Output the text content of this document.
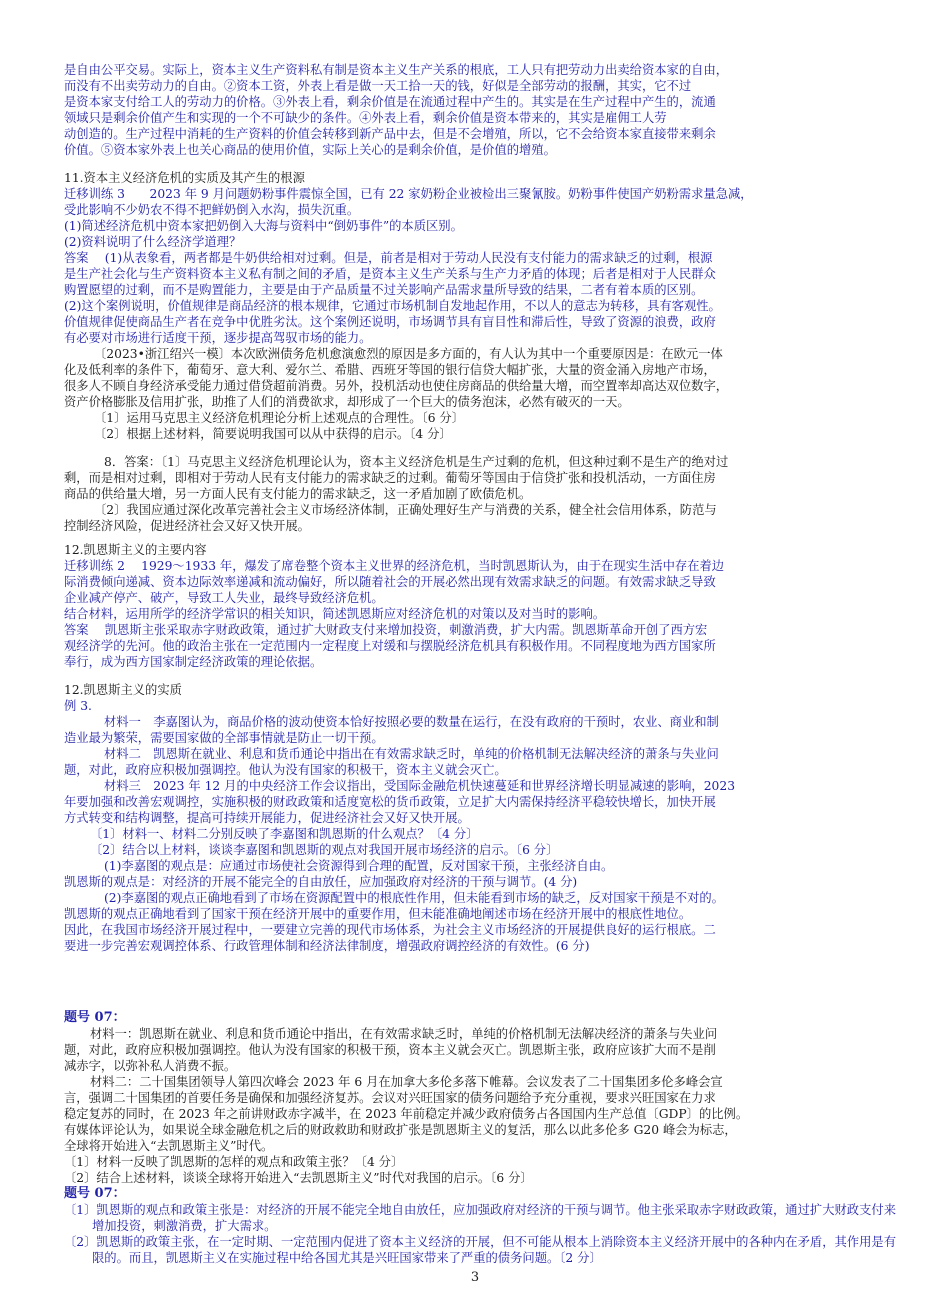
是自由公平交易。实际上，资本主义生产资料私有制是资本主义生产关系的根底，工人只有把劳动力出卖给资本家的自由，
而没有不出卖劳动力的自由。②资本工资，外表上看是做一天工拾一天的钱，好似是全部劳动的报酬，其实，它不过
是资本家支付给工人的劳动力的价格。③外表上看，剩余价值是在流通过程中产生的。其实是在生产过程中产生的，流通
领域只是剩余价值产生和实现的一个不可缺少的条件。④外表上看，剩余价值是资本带来的，其实是雇佣工人劳
动创造的。生产过程中消耗的生产资料的价值会转移到新产品中去，但是不会增殖，所以，它不会给资本家直接带来剩余
价值。⑤资本家外表上也关心商品的使用价值，实际上关心的是剩余价值，是价值的增殖。
11.资本主义经济危机的实质及其产生的根源
迁移训练 3　　2023 年 9 月问题奶粉事件震惊全国，已有 22 家奶粉企业被检出三聚氰胺。奶粉事件使国产奶粉需求量急减，
受此影响不少奶农不得不把鲜奶倒入水沟，损失沉重。
(1)简述经济危机中资本家把奶倒入大海与资料中“倒奶事件”的本质区别。
(2)资料说明了什么经济学道理？
答案　 (1)从表象看，两者都是牛奶供给相对过剩。但是，前者是相对于劳动人民没有支付能力的需求缺乏的过剩，根源
是生产社会化与生产资料资本主义私有制之间的矛盾，是资本主义生产关系与生产力矛盾的体现；后者是相对于人民群众
购置愿望的过剩，而不是购置能力，主要是由于产品质量不过关影响产品需求量所导致的结果，二者有着本质的区别。
(2)这个案例说明，价值规律是商品经济的根本规律，它通过市场机制自发地起作用，不以人的意志为转移，具有客观性。
价值规律促使商品生产者在竞争中优胜劣汰。这个案例还说明，市场调节具有盲目性和滞后性，导致了资源的浪费，政府
有必要对市场进行适度干预，逐步提高驾驭市场的能力。
〔2023•浙江绍兴一模〕本次欧洲债务危机愈演愈烈的原因是多方面的，有人认为其中一个重要原因是：在欧元一体
化及低利率的条件下，葡萄牙、意大利、爱尔兰、希腊、西班牙等国的银行信贷大幅扩张，大量的资金涌入房地产市场，
很多人不顾自身经济承受能力通过借贷超前消费。另外，投机活动也使住房商品的供给量大增，而空置率却高达双位数字，
资产价格膨胀及信用扩张，助推了人们的消费欲求，却形成了一个巨大的债务泡沫，必然有破灭的一天。
〔1〕运用马克思主义经济危机理论分析上述观点的合理性。〔6 分〕
〔2〕根据上述材料，简要说明我国可以从中获得的启示。〔4 分〕
8．答案：〔1〕马克思主义经济危机理论认为，资本主义经济危机是生产过剩的危机，但这种过剩不是生产的绝对过
剩，而是相对过剩，即相对于劳动人民有支付能力的需求缺乏的过剩。葡萄牙等国由于信贷扩张和投机活动，一方面住房
商品的供给量大增，另一方面人民有支付能力的需求缺乏，这一矛盾加剧了欧债危机。
〔2〕我国应通过深化改革完善社会主义市场经济体制，正确处理好生产与消费的关系，健全社会信用体系，防范与
控制经济风险，促进经济社会又好又快开展。
12.凯恩斯主义的主要内容
迁移训练 2　 1929～1933 年，爆发了席卷整个资本主义世界的经济危机，当时凯恩斯认为，由于在现实生活中存在着边
际消费倾向递减、资本边际效率递减和流动偏好，所以随着社会的开展必然出现有效需求缺乏的问题。有效需求缺乏导致
企业减产停产、破产，导致工人失业，最终导致经济危机。
结合材料，运用所学的经济学常识的相关知识，简述凯恩斯应对经济危机的对策以及对当时的影响。
答案　 凯恩斯主张采取赤字财政政策，通过扩大财政支付来增加投资，刺激消费，扩大内需。凯恩斯革命开创了西方宏
观经济学的先河。他的政治主张在一定范围内一定程度上对缓和与摆脱经济危机具有积极作用。不同程度地为西方国家所
奉行，成为西方国家制定经济政策的理论依据。
12.凯恩斯主义的实质
例 3.
材料一　李嘉图认为，商品价格的波动使资本恰好按照必要的数量在运行，在没有政府的干预时，农业、商业和制
造业最为繁荣，需要国家做的全部事情就是防止一切干预。
材料二　凯恩斯在就业、利息和货币通论中指出在有效需求缺乏时，单纯的价格机制无法解决经济的萧条与失业问
题，对此，政府应积极加强调控。他认为没有国家的积极干，资本主义就会灭亡。
材料三　2023 年 12 月的中央经济工作会议指出，受国际金融危机快速蔓延和世界经济增长明显减速的影响，2023
年要加强和改善宏观调控，实施积极的财政政策和适度宽松的货币政策，立足扩大内需保持经济平稳较快增长，加快开展
方式转变和结构调整，提高可持续开展能力，促进经济社会又好又快开展。
〔1〕材料一、材料二分别反映了李嘉图和凯恩斯的什么观点？〔4 分〕
〔2〕结合以上材料，谈谈李嘉图和凯恩斯的观点对我国开展市场经济的启示。〔6 分〕
(1)李嘉图的观点是：应通过市场使社会资源得到合理的配置，反对国家干预，主张经济自由。
凯恩斯的观点是：对经济的开展不能完全的自由放任，应加强政府对经济的干预与调节。(4 分)
(2)李嘉图的观点正确地看到了市场在资源配置中的根底性作用，但未能看到市场的缺乏，反对国家干预是不对的。
凯恩斯的观点正确地看到了国家干预在经济开展中的重要作用，但未能准确地阐述市场在经济开展中的根底性地位。
因此，在我国市场经济开展过程中，一要建立完善的现代市场体系，为社会主义市场经济的开展提供良好的运行根底。二
要进一步完善宏观调控体系、行政管理体制和经济法律制度，增强政府调控经济的有效性。(6 分)
题号 07：
材料一：凯恩斯在就业、利息和货币通论中指出，在有效需求缺乏时，单纯的价格机制无法解决经济的萧条与失业问
题，对此，政府应积极加强调控。他认为没有国家的积极干预，资本主义就会灭亡。凯恩斯主张，政府应该扩大而不是削
减赤字，以弥补私人消费不振。
材料二：二十国集团领导人第四次峰会 2023 年 6 月在加拿大多伦多落下帷幕。会议发表了二十国集团多伦多峰会宣
言，强调二十国集团的首要任务是确保和加强经济复苏。会议对兴旺国家的债务问题给予充分重视，要求兴旺国家在力求
稳定复苏的同时，在 2023 年之前讲财政赤字减半，在 2023 年前稳定并减少政府债务占各国国内生产总值〔GDP〕的比例。
有媒体评论认为，如果说全球金融危机之后的财政救助和财政扩张是凯恩斯主义的复活，那么以此多伦多 G20 峰会为标志，
全球将开始进入“去凯恩斯主义”时代。
〔1〕材料一反映了凯恩斯的怎样的观点和政策主张？〔4 分〕
〔2〕结合上述材料，谈谈全球将开始进入“去凯恩斯主义”时代对我国的启示。〔6 分〕
题号 07：
〔1〕凯恩斯的观点和政策主张是：对经济的开展不能完全地自由放任，应加强政府对经济的干预与调节。他主张采取赤字财政政策，通过扩大财政支付来增加投资，刺激消费，扩大需求。
〔2〕凯恩斯的政策主张，在一定时期、一定范围内促进了资本主义经济的开展，但不可能从根本上消除资本主义经济开展中的各种内在矛盾，其作用是有限的。而且，凯恩斯主义在实施过程中给各国尤其是兴旺国家带来了严重的债务问题。〔2 分〕
3
